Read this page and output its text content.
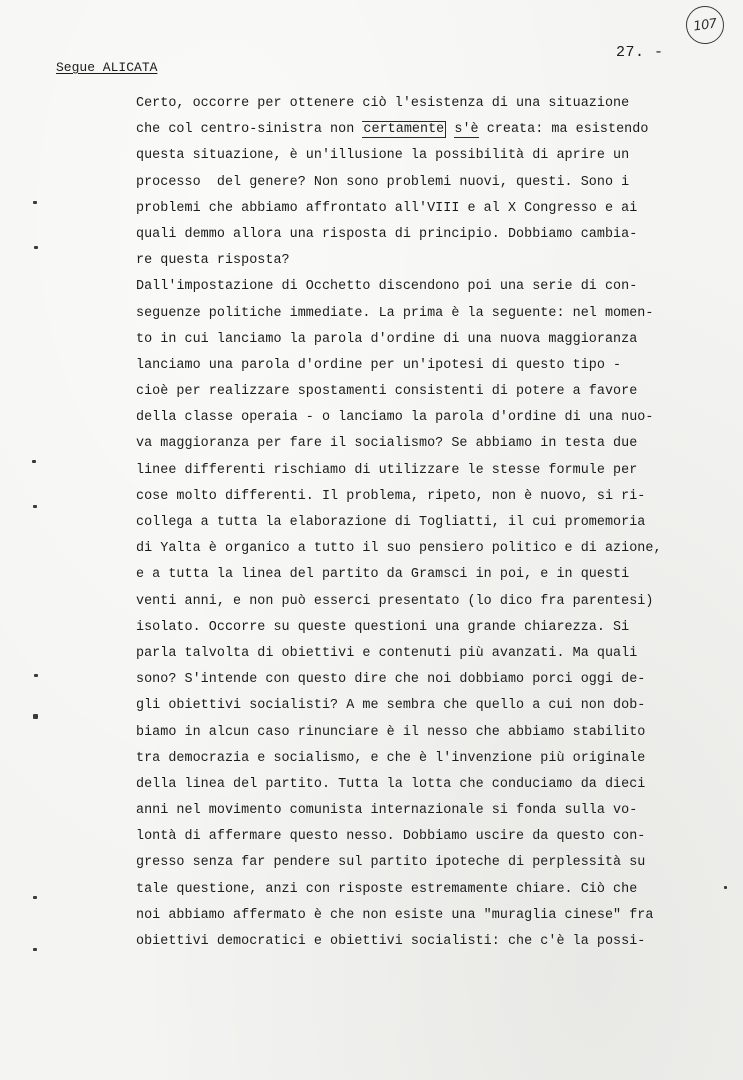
107
27. -
Segue ALICATA
Certo, occorre per ottenere ciò l'esistenza di una situazione
che col centro-sinistra non certamente s'è creata: ma esistendo
questa situazione, è un'illusione la possibilità di aprire un
processo  del genere? Non sono problemi nuovi, questi. Sono i
problemi che abbiamo affrontato all'VIII e al X Congresso e ai
quali demmo allora una risposta di principio. Dobbiamo cambia-
re questa risposta?
Dall'impostazione di Occhetto discendono poi una serie di con-
seguenze politiche immediate. La prima è la seguente: nel momen-
to in cui lanciamo la parola d'ordine di una nuova maggioranza
lanciamo una parola d'ordine per un'ipotesi di questo tipo -
cioè per realizzare spostamenti consistenti di potere a favore
della classe operaia - o lanciamo la parola d'ordine di una nuo-
va maggioranza per fare il socialismo? Se abbiamo in testa due
linee differenti rischiamo di utilizzare le stesse formule per
cose molto differenti. Il problema, ripeto, non è nuovo, si ri-
collega a tutta la elaborazione di Togliatti, il cui promemoria
di Yalta è organico a tutto il suo pensiero politico e di azione,
e a tutta la linea del partito da Gramsci in poi, e in questi
venti anni, e non può esserci presentato (lo dico fra parentesi)
isolato. Occorre su queste questioni una grande chiarezza. Si
parla talvolta di obiettivi e contenuti più avanzati. Ma quali
sono? S'intende con questo dire che noi dobbiamo porci oggi de-
gli obiettivi socialisti? A me sembra che quello a cui non dob-
biamo in alcun caso rinunciare è il nesso che abbiamo stabilito
tra democrazia e socialismo, e che è l'invenzione più originale
della linea del partito. Tutta la lotta che conduciamo da dieci
anni nel movimento comunista internazionale si fonda sulla vo-
lontà di affermare questo nesso. Dobbiamo uscire da questo con-
gresso senza far pendere sul partito ipoteche di perplessità su
tale questione, anzi con risposte estremamente chiare. Ciò che
noi abbiamo affermato è che non esiste una "muraglia cinese" fra
obiettivi democratici e obiettivi socialisti: che c'è la possi-
